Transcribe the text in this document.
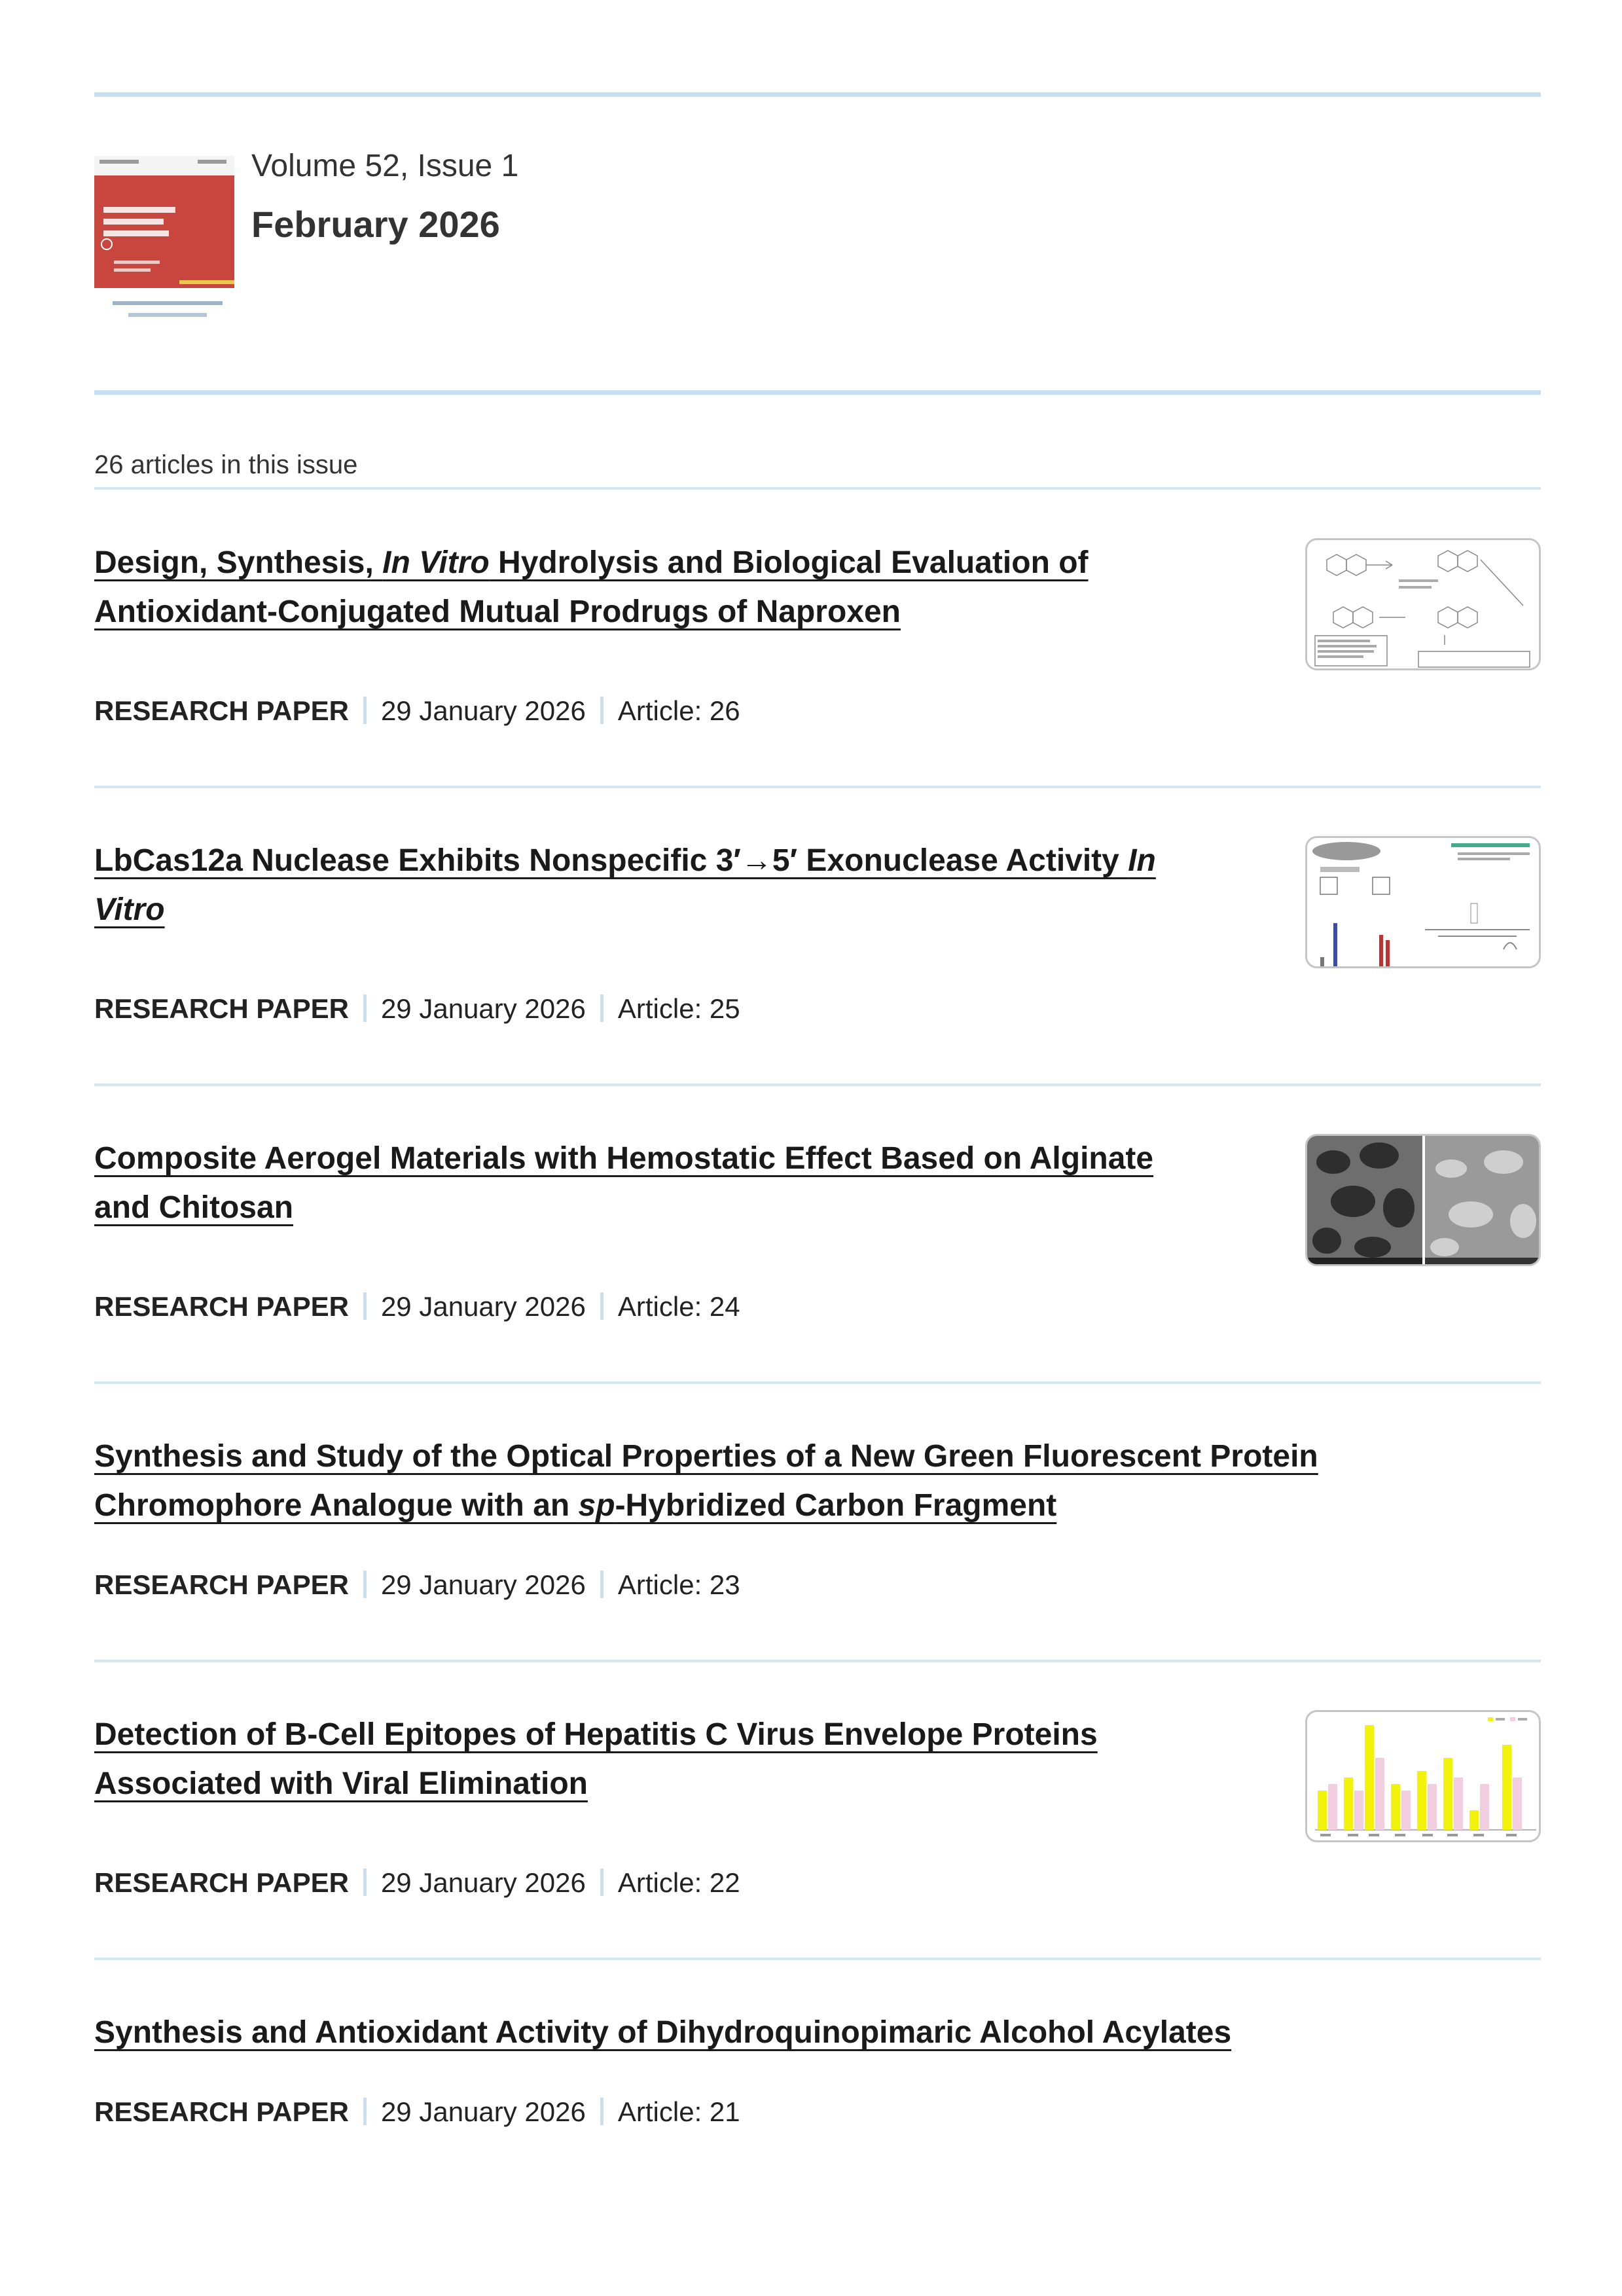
Volume 52, Issue 1
February 2026
26 articles in this issue
Design, Synthesis, In Vitro Hydrolysis and Biological Evaluation of
Antioxidant-Conjugated Mutual Prodrugs of Naproxen
RESEARCH PAPER 29 January 2026 Article: 26
LbCas12a Nuclease Exhibits Nonspecific 3′→5′ Exonuclease Activity In
Vitro
RESEARCH PAPER 29 January 2026 Article: 25
Composite Aerogel Materials with Hemostatic Effect Based on Alginate
and Chitosan
RESEARCH PAPER 29 January 2026 Article: 24
Synthesis and Study of the Optical Properties of a New Green Fluorescent Protein
Chromophore Analogue with an sp-Hybridized Carbon Fragment
RESEARCH PAPER 29 January 2026 Article: 23
Detection of B-Cell Epitopes of Hepatitis C Virus Envelope Proteins
Associated with Viral Elimination
RESEARCH PAPER 29 January 2026 Article: 22
Synthesis and Antioxidant Activity of Dihydroquinopimaric Alcohol Acylates
RESEARCH PAPER 29 January 2026 Article: 21
